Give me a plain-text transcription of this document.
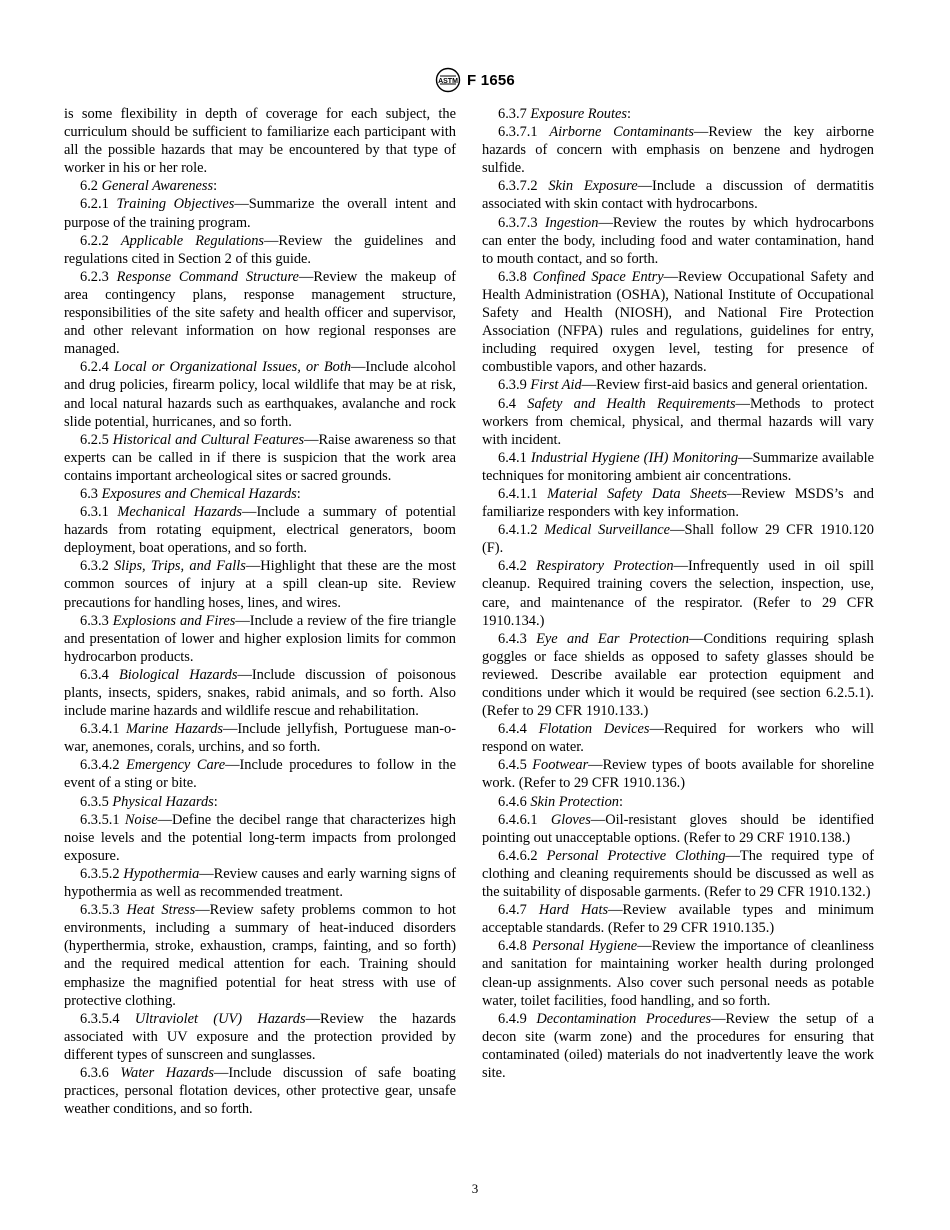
ASTM F 1656

is some flexibility in depth of coverage for each subject, the curriculum should be sufficient to familiarize each participant with all the possible hazards that may be encountered by that type of worker in his or her role.

6.2 General Awareness:

6.2.1 Training Objectives—Summarize the overall intent and purpose of the training program.

6.2.2 Applicable Regulations—Review the guidelines and regulations cited in Section 2 of this guide.

6.2.3 Response Command Structure—Review the makeup of area contingency plans, response management structure, responsibilities of the site safety and health officer and supervisor, and other relevant information on how regional responses are managed.

6.2.4 Local or Organizational Issues, or Both—Include alcohol and drug policies, firearm policy, local wildlife that may be at risk, and local natural hazards such as earthquakes, avalanche and rock slide potential, hurricanes, and so forth.

6.2.5 Historical and Cultural Features—Raise awareness so that experts can be called in if there is suspicion that the work area contains important archeological sites or sacred grounds.

6.3 Exposures and Chemical Hazards:

6.3.1 Mechanical Hazards—Include a summary of potential hazards from rotating equipment, electrical generators, boom deployment, boat operations, and so forth.

6.3.2 Slips, Trips, and Falls—Highlight that these are the most common sources of injury at a spill clean-up site. Review precautions for handling hoses, lines, and wires.

6.3.3 Explosions and Fires—Include a review of the fire triangle and presentation of lower and higher explosion limits for common hydrocarbon products.

6.3.4 Biological Hazards—Include discussion of poisonous plants, insects, spiders, snakes, rabid animals, and so forth. Also include marine hazards and wildlife rescue and rehabilitation.

6.3.4.1 Marine Hazards—Include jellyfish, Portuguese man-o-war, anemones, corals, urchins, and so forth.

6.3.4.2 Emergency Care—Include procedures to follow in the event of a sting or bite.

6.3.5 Physical Hazards:

6.3.5.1 Noise—Define the decibel range that characterizes high noise levels and the potential long-term impacts from prolonged exposure.

6.3.5.2 Hypothermia—Review causes and early warning signs of hypothermia as well as recommended treatment.

6.3.5.3 Heat Stress—Review safety problems common to hot environments, including a summary of heat-induced disorders (hyperthermia, stroke, exhaustion, cramps, fainting, and so forth) and the required medical attention for each. Training should emphasize the magnified potential for heat stress with use of protective clothing.

6.3.5.4 Ultraviolet (UV) Hazards—Review the hazards associated with UV exposure and the protection provided by different types of sunscreen and sunglasses.

6.3.6 Water Hazards—Include discussion of safe boating practices, personal flotation devices, other protective gear, unsafe weather conditions, and so forth.

6.3.7 Exposure Routes:

6.3.7.1 Airborne Contaminants—Review the key airborne hazards of concern with emphasis on benzene and hydrogen sulfide.

6.3.7.2 Skin Exposure—Include a discussion of dermatitis associated with skin contact with hydrocarbons.

6.3.7.3 Ingestion—Review the routes by which hydrocarbons can enter the body, including food and water contamination, hand to mouth contact, and so forth.

6.3.8 Confined Space Entry—Review Occupational Safety and Health Administration (OSHA), National Institute of Occupational Safety and Health (NIOSH), and National Fire Protection Association (NFPA) rules and regulations, guidelines for entry, including required oxygen level, testing for presence of combustible vapors, and other hazards.

6.3.9 First Aid—Review first-aid basics and general orientation.

6.4 Safety and Health Requirements—Methods to protect workers from chemical, physical, and thermal hazards will vary with incident.

6.4.1 Industrial Hygiene (IH) Monitoring—Summarize available techniques for monitoring ambient air concentrations.

6.4.1.1 Material Safety Data Sheets—Review MSDS’s and familiarize responders with key information.

6.4.1.2 Medical Surveillance—Shall follow 29 CFR 1910.120 (F).

6.4.2 Respiratory Protection—Infrequently used in oil spill cleanup. Required training covers the selection, inspection, use, care, and maintenance of the respirator. (Refer to 29 CFR 1910.134.)

6.4.3 Eye and Ear Protection—Conditions requiring splash goggles or face shields as opposed to safety glasses should be reviewed. Describe available ear protection equipment and conditions under which it would be required (see section 6.2.5.1). (Refer to 29 CFR 1910.133.)

6.4.4 Flotation Devices—Required for workers who will respond on water.

6.4.5 Footwear—Review types of boots available for shoreline work. (Refer to 29 CFR 1910.136.)

6.4.6 Skin Protection:

6.4.6.1 Gloves—Oil-resistant gloves should be identified pointing out unacceptable options. (Refer to 29 CRF 1910.138.)

6.4.6.2 Personal Protective Clothing—The required type of clothing and cleaning requirements should be discussed as well as the suitability of disposable garments. (Refer to 29 CFR 1910.132.)

6.4.7 Hard Hats—Review available types and minimum acceptable standards. (Refer to 29 CFR 1910.135.)

6.4.8 Personal Hygiene—Review the importance of cleanliness and sanitation for maintaining worker health during prolonged clean-up assignments. Also cover such personal needs as potable water, toilet facilities, food handling, and so forth.

6.4.9 Decontamination Procedures—Review the setup of a decon site (warm zone) and the procedures for ensuring that contaminated (oiled) materials do not inadvertently leave the work site.

3
